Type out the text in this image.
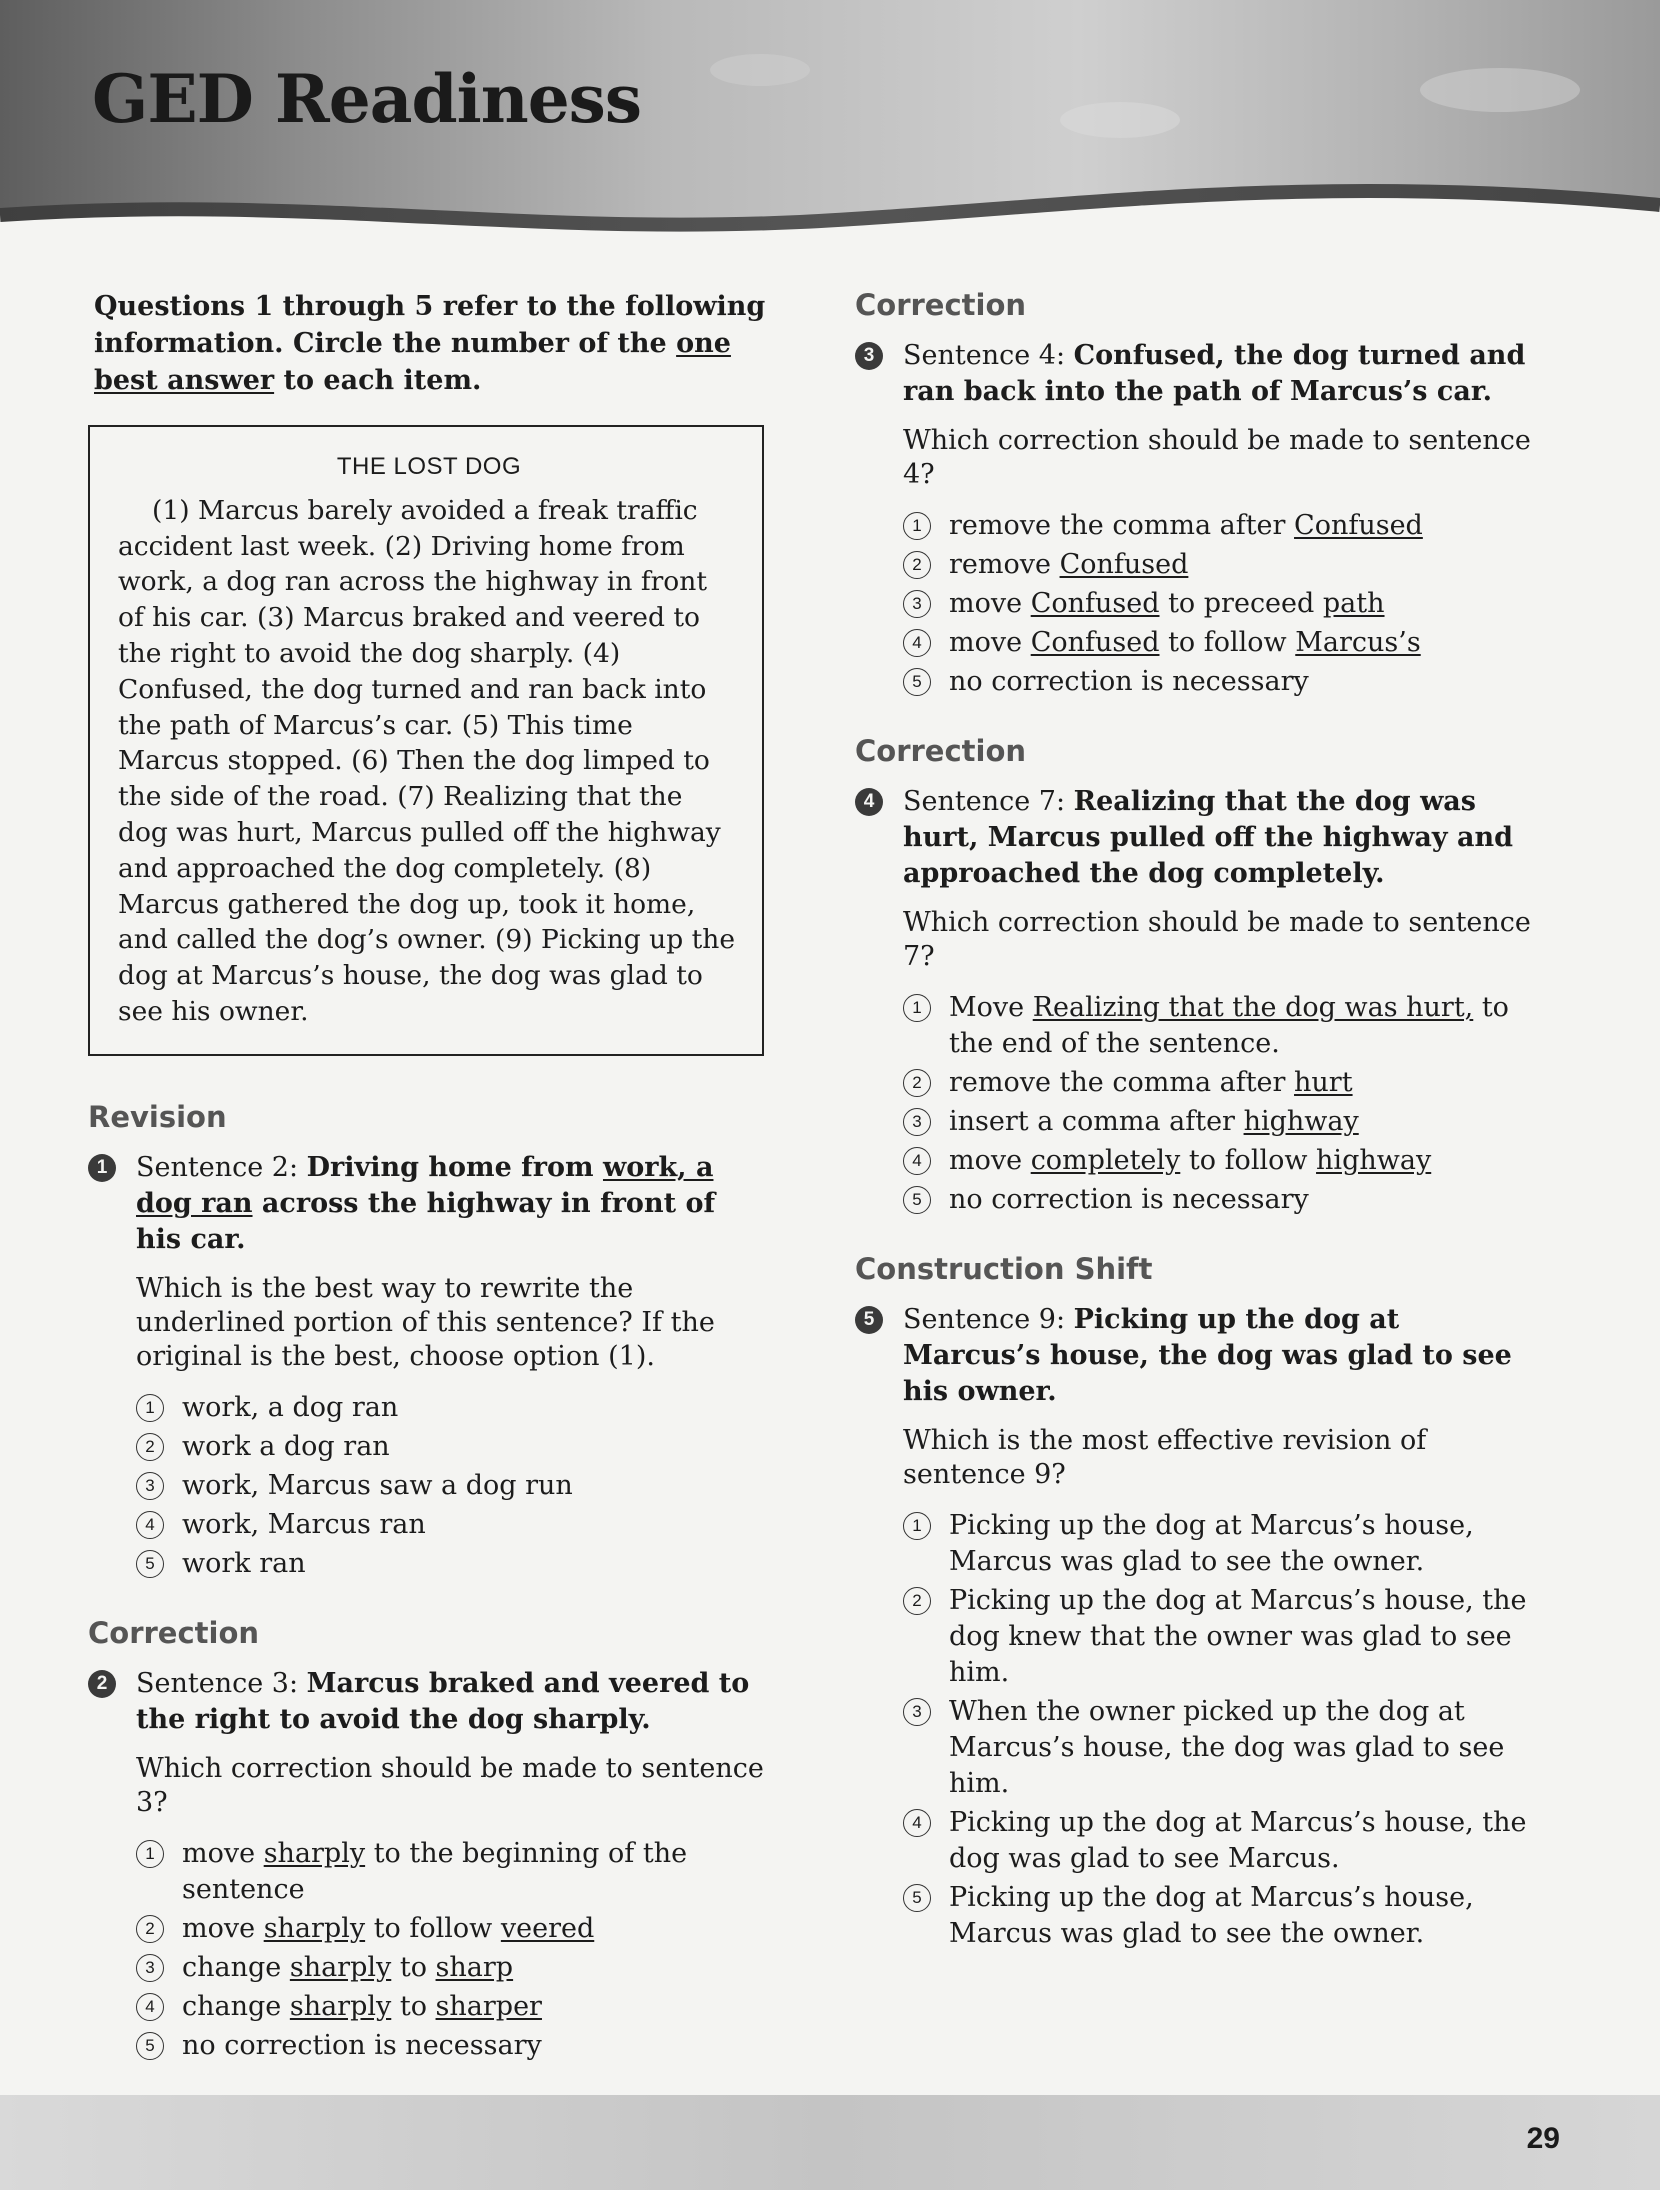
GED Readiness

Questions 1 through 5 refer to the following information. Circle the number of the one best answer to each item.

THE LOST DOG

(1) Marcus barely avoided a freak traffic accident last week. (2) Driving home from work, a dog ran across the highway in front of his car. (3) Marcus braked and veered to the right to avoid the dog sharply. (4) Confused, the dog turned and ran back into the path of Marcus’s car. (5) This time Marcus stopped. (6) Then the dog limped to the side of the road. (7) Realizing that the dog was hurt, Marcus pulled off the highway and approached the dog completely. (8) Marcus gathered the dog up, took it home, and called the dog’s owner. (9) Picking up the dog at Marcus’s house, the dog was glad to see his owner.

Revision
1	Sentence 2: Driving home from work, a dog ran across the highway in front of his car.

Which is the best way to rewrite the underlined portion of this sentence? If the original is the best, choose option (1).

1	work, a dog ran
2	work a dog ran
3	work, Marcus saw a dog run
4	work, Marcus ran
5	work ran
Correction
2	Sentence 3: Marcus braked and veered to the right to avoid the dog sharply.

Which correction should be made to sentence 3?

1	move sharply to the beginning of the sentence
2	move sharply to follow veered
3	change sharply to sharp
4	change sharply to sharper
5	no correction is necessary
Correction
3	Sentence 4: Confused, the dog turned and ran back into the path of Marcus’s car.

Which correction should be made to sentence 4?

1	remove the comma after Confused
2	remove Confused
3	move Confused to preceed path
4	move Confused to follow Marcus’s
5	no correction is necessary
Correction
4	Sentence 7: Realizing that the dog was hurt, Marcus pulled off the highway and approached the dog completely.

Which correction should be made to sentence 7?

1	Move Realizing that the dog was hurt, to the end of the sentence.
2	remove the comma after hurt
3	insert a comma after highway
4	move completely to follow highway
5	no correction is necessary
Construction Shift
5	Sentence 9: Picking up the dog at Marcus’s house, the dog was glad to see his owner.

Which is the most effective revision of sentence 9?

1	Picking up the dog at Marcus’s house, Marcus was glad to see the owner.
2	Picking up the dog at Marcus’s house, the dog knew that the owner was glad to see him.
3	When the owner picked up the dog at Marcus’s house, the dog was glad to see him.
4	Picking up the dog at Marcus’s house, the dog was glad to see Marcus.
5	Picking up the dog at Marcus’s house, Marcus was glad to see the owner.

29
